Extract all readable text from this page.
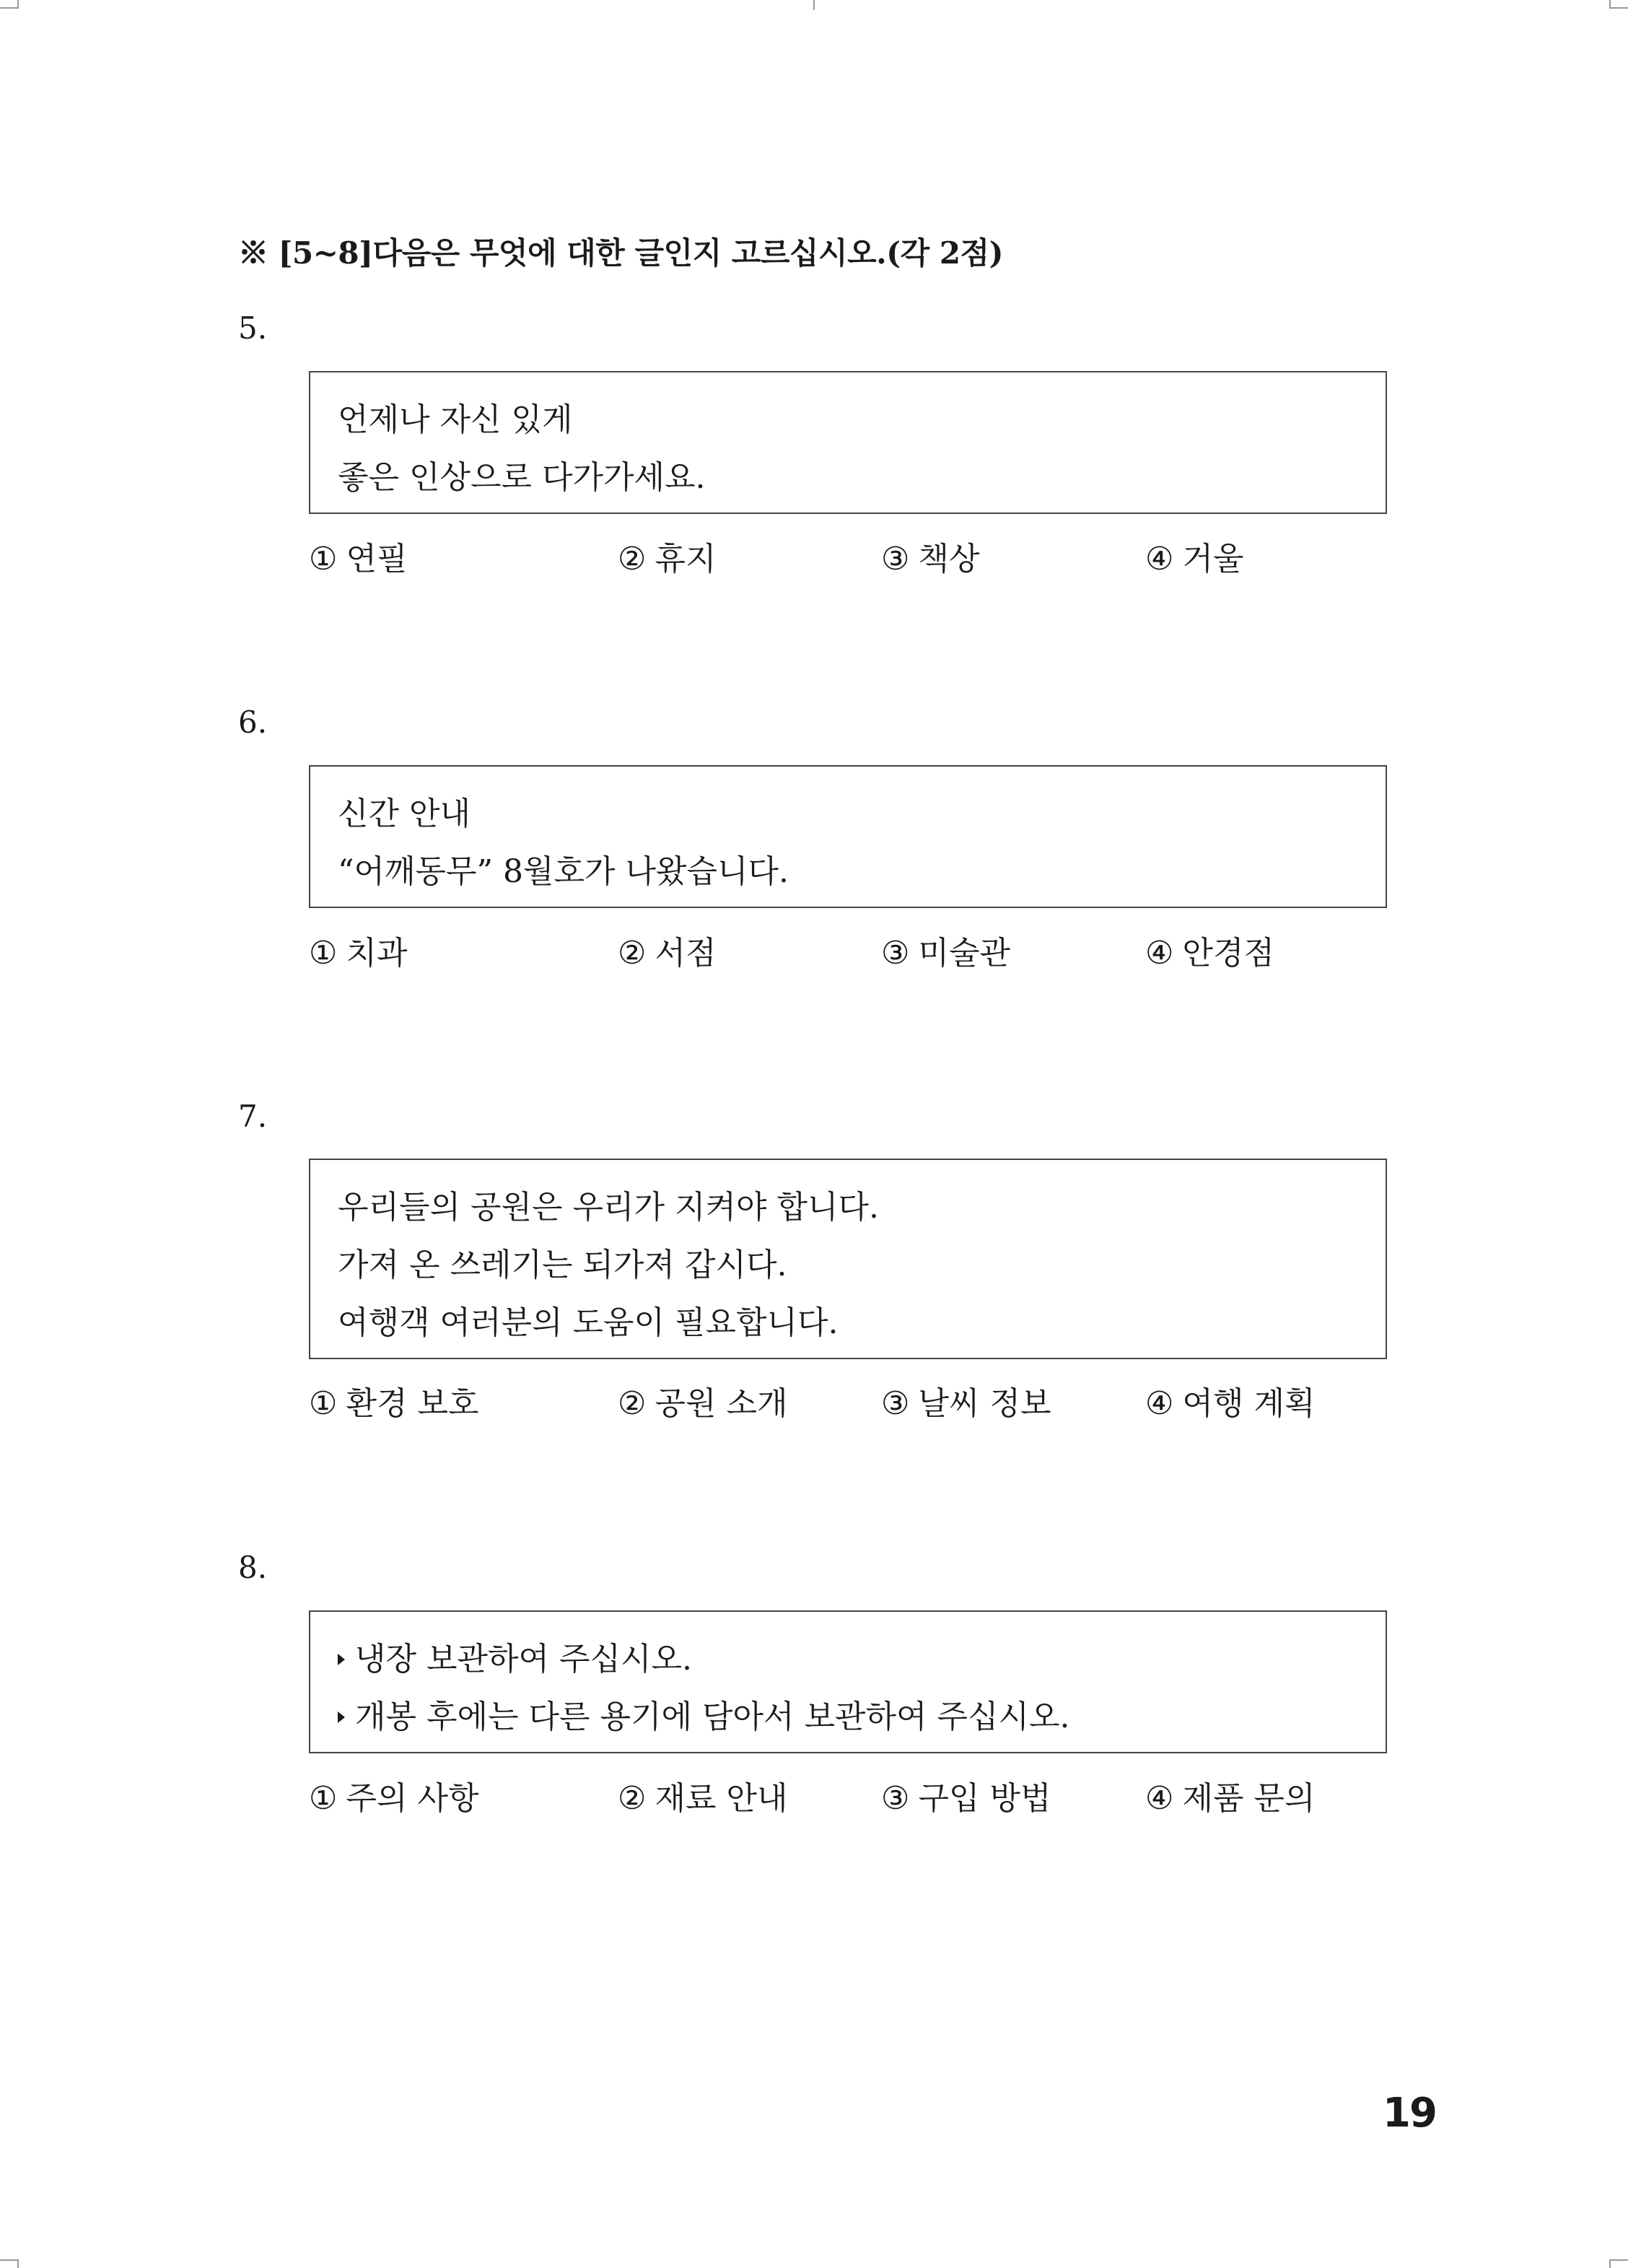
※ [5~8]다음은 무엇에 대한 글인지 고르십시오.(각 2점)
5.
언제나 자신 있게
좋은 인상으로 다가가세요.
① 연필	② 휴지	③ 책상	④ 거울
6.
신간 안내
“어깨동무” 8월호가 나왔습니다.
① 치과	② 서점	③ 미술관	④ 안경점
7.
우리들의 공원은 우리가 지켜야 합니다.
가져 온 쓰레기는 되가져 갑시다.
여행객 여러분의 도움이 필요합니다.
① 환경 보호	② 공원 소개	③ 날씨 정보	④ 여행 계획
8.
냉장 보관하여 주십시오.
개봉 후에는 다른 용기에 담아서 보관하여 주십시오.
① 주의 사항	② 재료 안내	③ 구입 방법	④ 제품 문의
19
